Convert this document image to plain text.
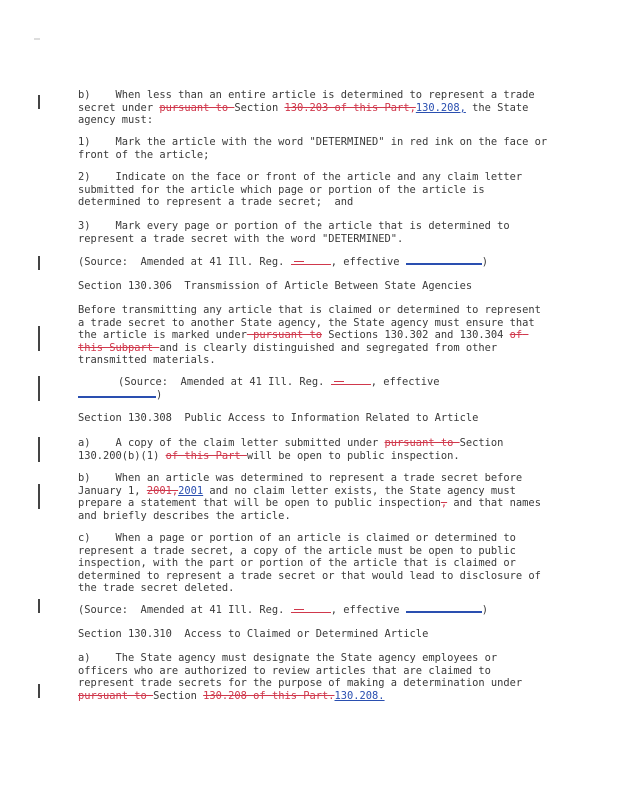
b)    When less than an entire article is determined to represent a trade secret under pursuant to Section 130.203 of this Part,130.208, the State agency must:
1)    Mark the article with the word "DETERMINED" in red ink on the face or front of the article;
2)    Indicate on the face or front of the article and any claim letter submitted for the article which page or portion of the article is determined to represent a trade secret;  and
3)    Mark every page or portion of the article that is determined to represent a trade secret with the word "DETERMINED".
(Source:  Amended at 41 Ill. Reg.	, effective	)
Section 130.306  Transmission of Article Between State Agencies
Before transmitting any article that is claimed or determined to represent a trade secret to another State agency, the State agency must ensure that the article is marked under pursuant to Sections 130.302 and 130.304 of this Subpart and is clearly distinguished and segregated from other transmitted materials.
(Source:  Amended at 41 Ill. Reg.	, effective
)
Section 130.308  Public Access to Information Related to Article
a)    A copy of the claim letter submitted under pursuant to Section 130.200(b)(1) of this Part will be open to public inspection.
b)    When an article was determined to represent a trade secret before January 1, 2001,2001 and no claim letter exists, the State agency must prepare a statement that will be open to public inspection, and that names and briefly describes the article.
c)    When a page or portion of an article is claimed or determined to represent a trade secret, a copy of the article must be open to public inspection, with the part or portion of the article that is claimed or determined to represent a trade secret or that would lead to disclosure of the trade secret deleted.
(Source:  Amended at 41 Ill. Reg.	, effective	)
Section 130.310  Access to Claimed or Determined Article
a)    The State agency must designate the State agency employees or officers who are authorized to review articles that are claimed to represent trade secrets for the purpose of making a determination under pursuant to Section 130.208 of this Part.130.208.
